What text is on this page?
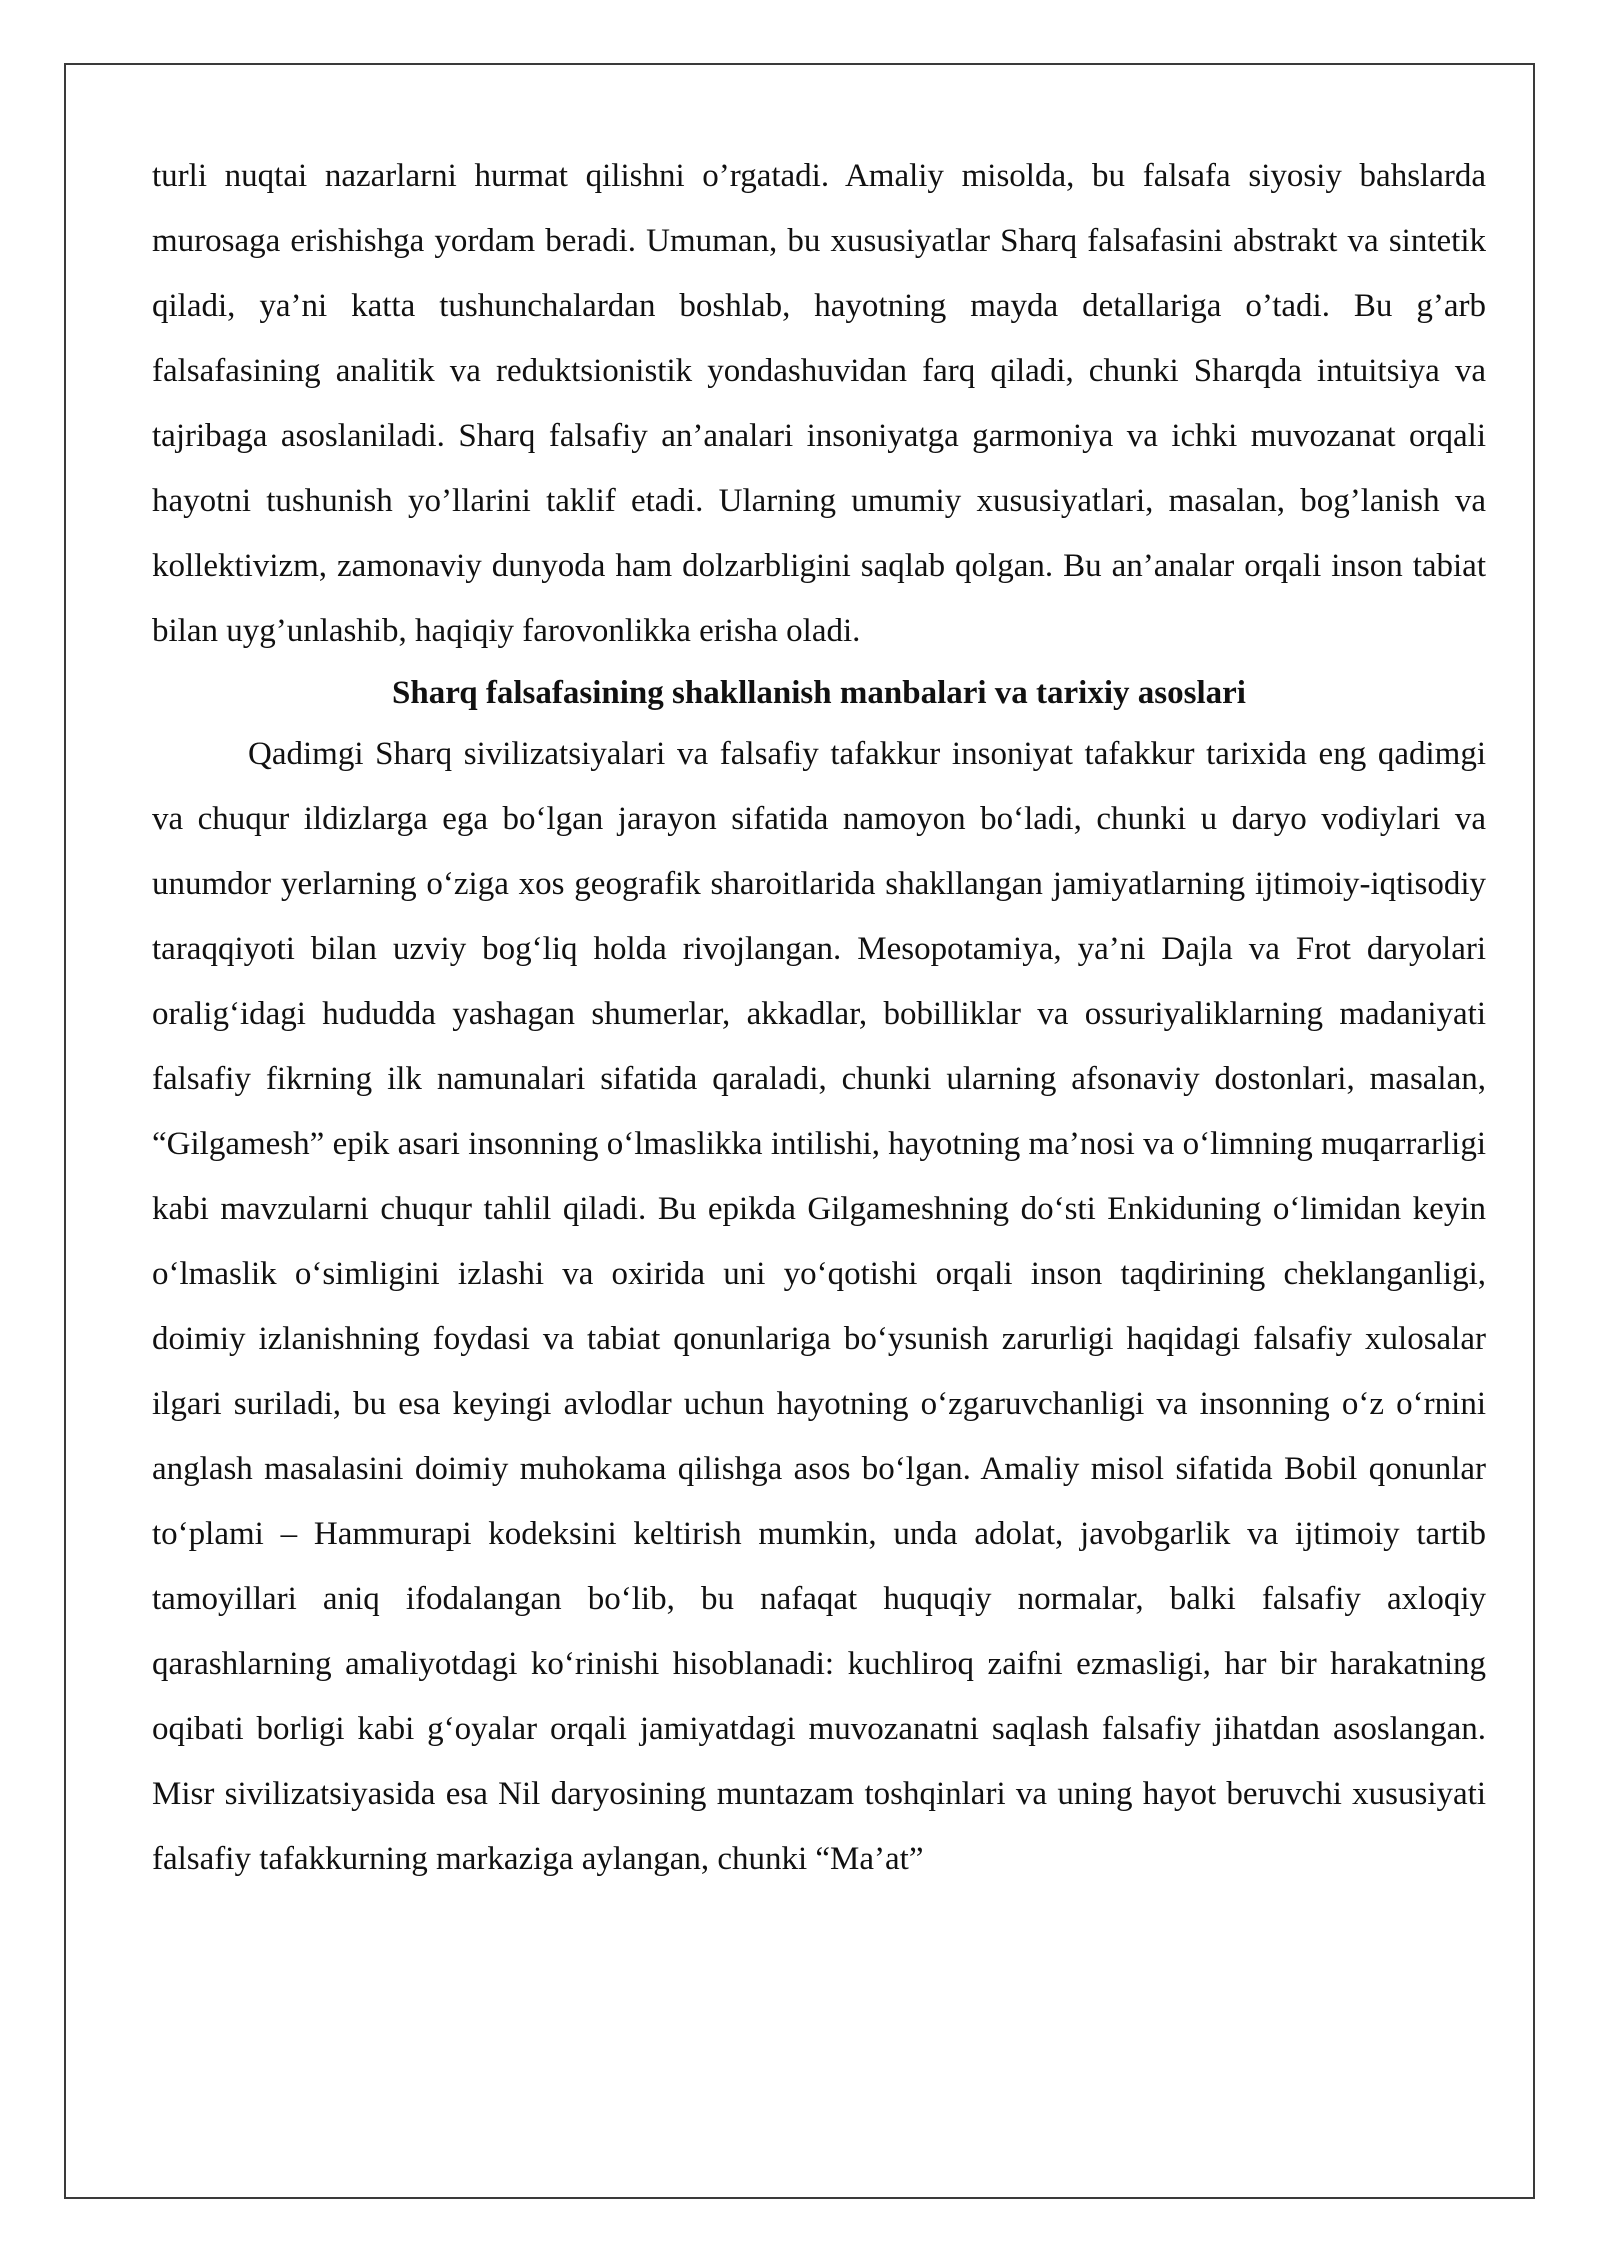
turli nuqtai nazarlarni hurmat qilishni o’rgatadi. Amaliy misolda, bu falsafa siyosiy bahslarda murosaga erishishga yordam beradi. Umuman, bu xususiyatlar Sharq falsafasini abstrakt va sintetik qiladi, ya’ni katta tushunchalardan boshlab, hayotning mayda detallariga o’tadi. Bu g’arb falsafasining analitik va reduktsionistik yondashuvidan farq qiladi, chunki Sharqda intuitsiya va tajribaga asoslaniladi. Sharq falsafiy an’analari insoniyatga garmoniya va ichki muvozanat orqali hayotni tushunish yo’llarini taklif etadi. Ularning umumiy xususiyatlari, masalan, bog’lanish va kollektivizm, zamonaviy dunyoda ham dolzarbligini saqlab qolgan. Bu an’analar orqali inson tabiat bilan uyg’unlashib, haqiqiy farovonlikka erisha oladi.

Sharq falsafasining shakllanish manbalari va tarixiy asoslari

Qadimgi Sharq sivilizatsiyalari va falsafiy tafakkur insoniyat tafakkur tarixida eng qadimgi va chuqur ildizlarga ega bo‘lgan jarayon sifatida namoyon bo‘ladi, chunki u daryo vodiylari va unumdor yerlarning o‘ziga xos geografik sharoitlarida shakllangan jamiyatlarning ijtimoiy-iqtisodiy taraqqiyoti bilan uzviy bog‘liq holda rivojlangan. Mesopotamiya, ya’ni Dajla va Frot daryolari oralig‘idagi hududda yashagan shumerlar, akkadlar, bobilliklar va ossuriyaliklarning madaniyati falsafiy fikrning ilk namunalari sifatida qaraladi, chunki ularning afsonaviy dostonlari, masalan, “Gilgamesh” epik asari insonning o‘lmaslikka intilishi, hayotning ma’nosi va o‘limning muqarrarligi kabi mavzularni chuqur tahlil qiladi. Bu epikda Gilgameshning do‘sti Enkiduning o‘limidan keyin o‘lmaslik o‘simligini izlashi va oxirida uni yo‘qotishi orqali inson taqdirining cheklanganligi, doimiy izlanishning foydasi va tabiat qonunlariga bo‘ysunish zarurligi haqidagi falsafiy xulosalar ilgari suriladi, bu esa keyingi avlodlar uchun hayotning o‘zgaruvchanligi va insonning o‘z o‘rnini anglash masalasini doimiy muhokama qilishga asos bo‘lgan. Amaliy misol sifatida Bobil qonunlar to‘plami – Hammurapi kodeksini keltirish mumkin, unda adolat, javobgarlik va ijtimoiy tartib tamoyillari aniq ifodalangan bo‘lib, bu nafaqat huquqiy normalar, balki falsafiy axloqiy qarashlarning amaliyotdagi ko‘rinishi hisoblanadi: kuchliroq zaifni ezmasligi, har bir harakatning oqibati borligi kabi g‘oyalar orqali jamiyatdagi muvozanatni saqlash falsafiy jihatdan asoslangan. Misr sivilizatsiyasida esa Nil daryosining muntazam toshqinlari va uning hayot beruvchi xususiyati falsafiy tafakkurning markaziga aylangan, chunki “Ma’at”
